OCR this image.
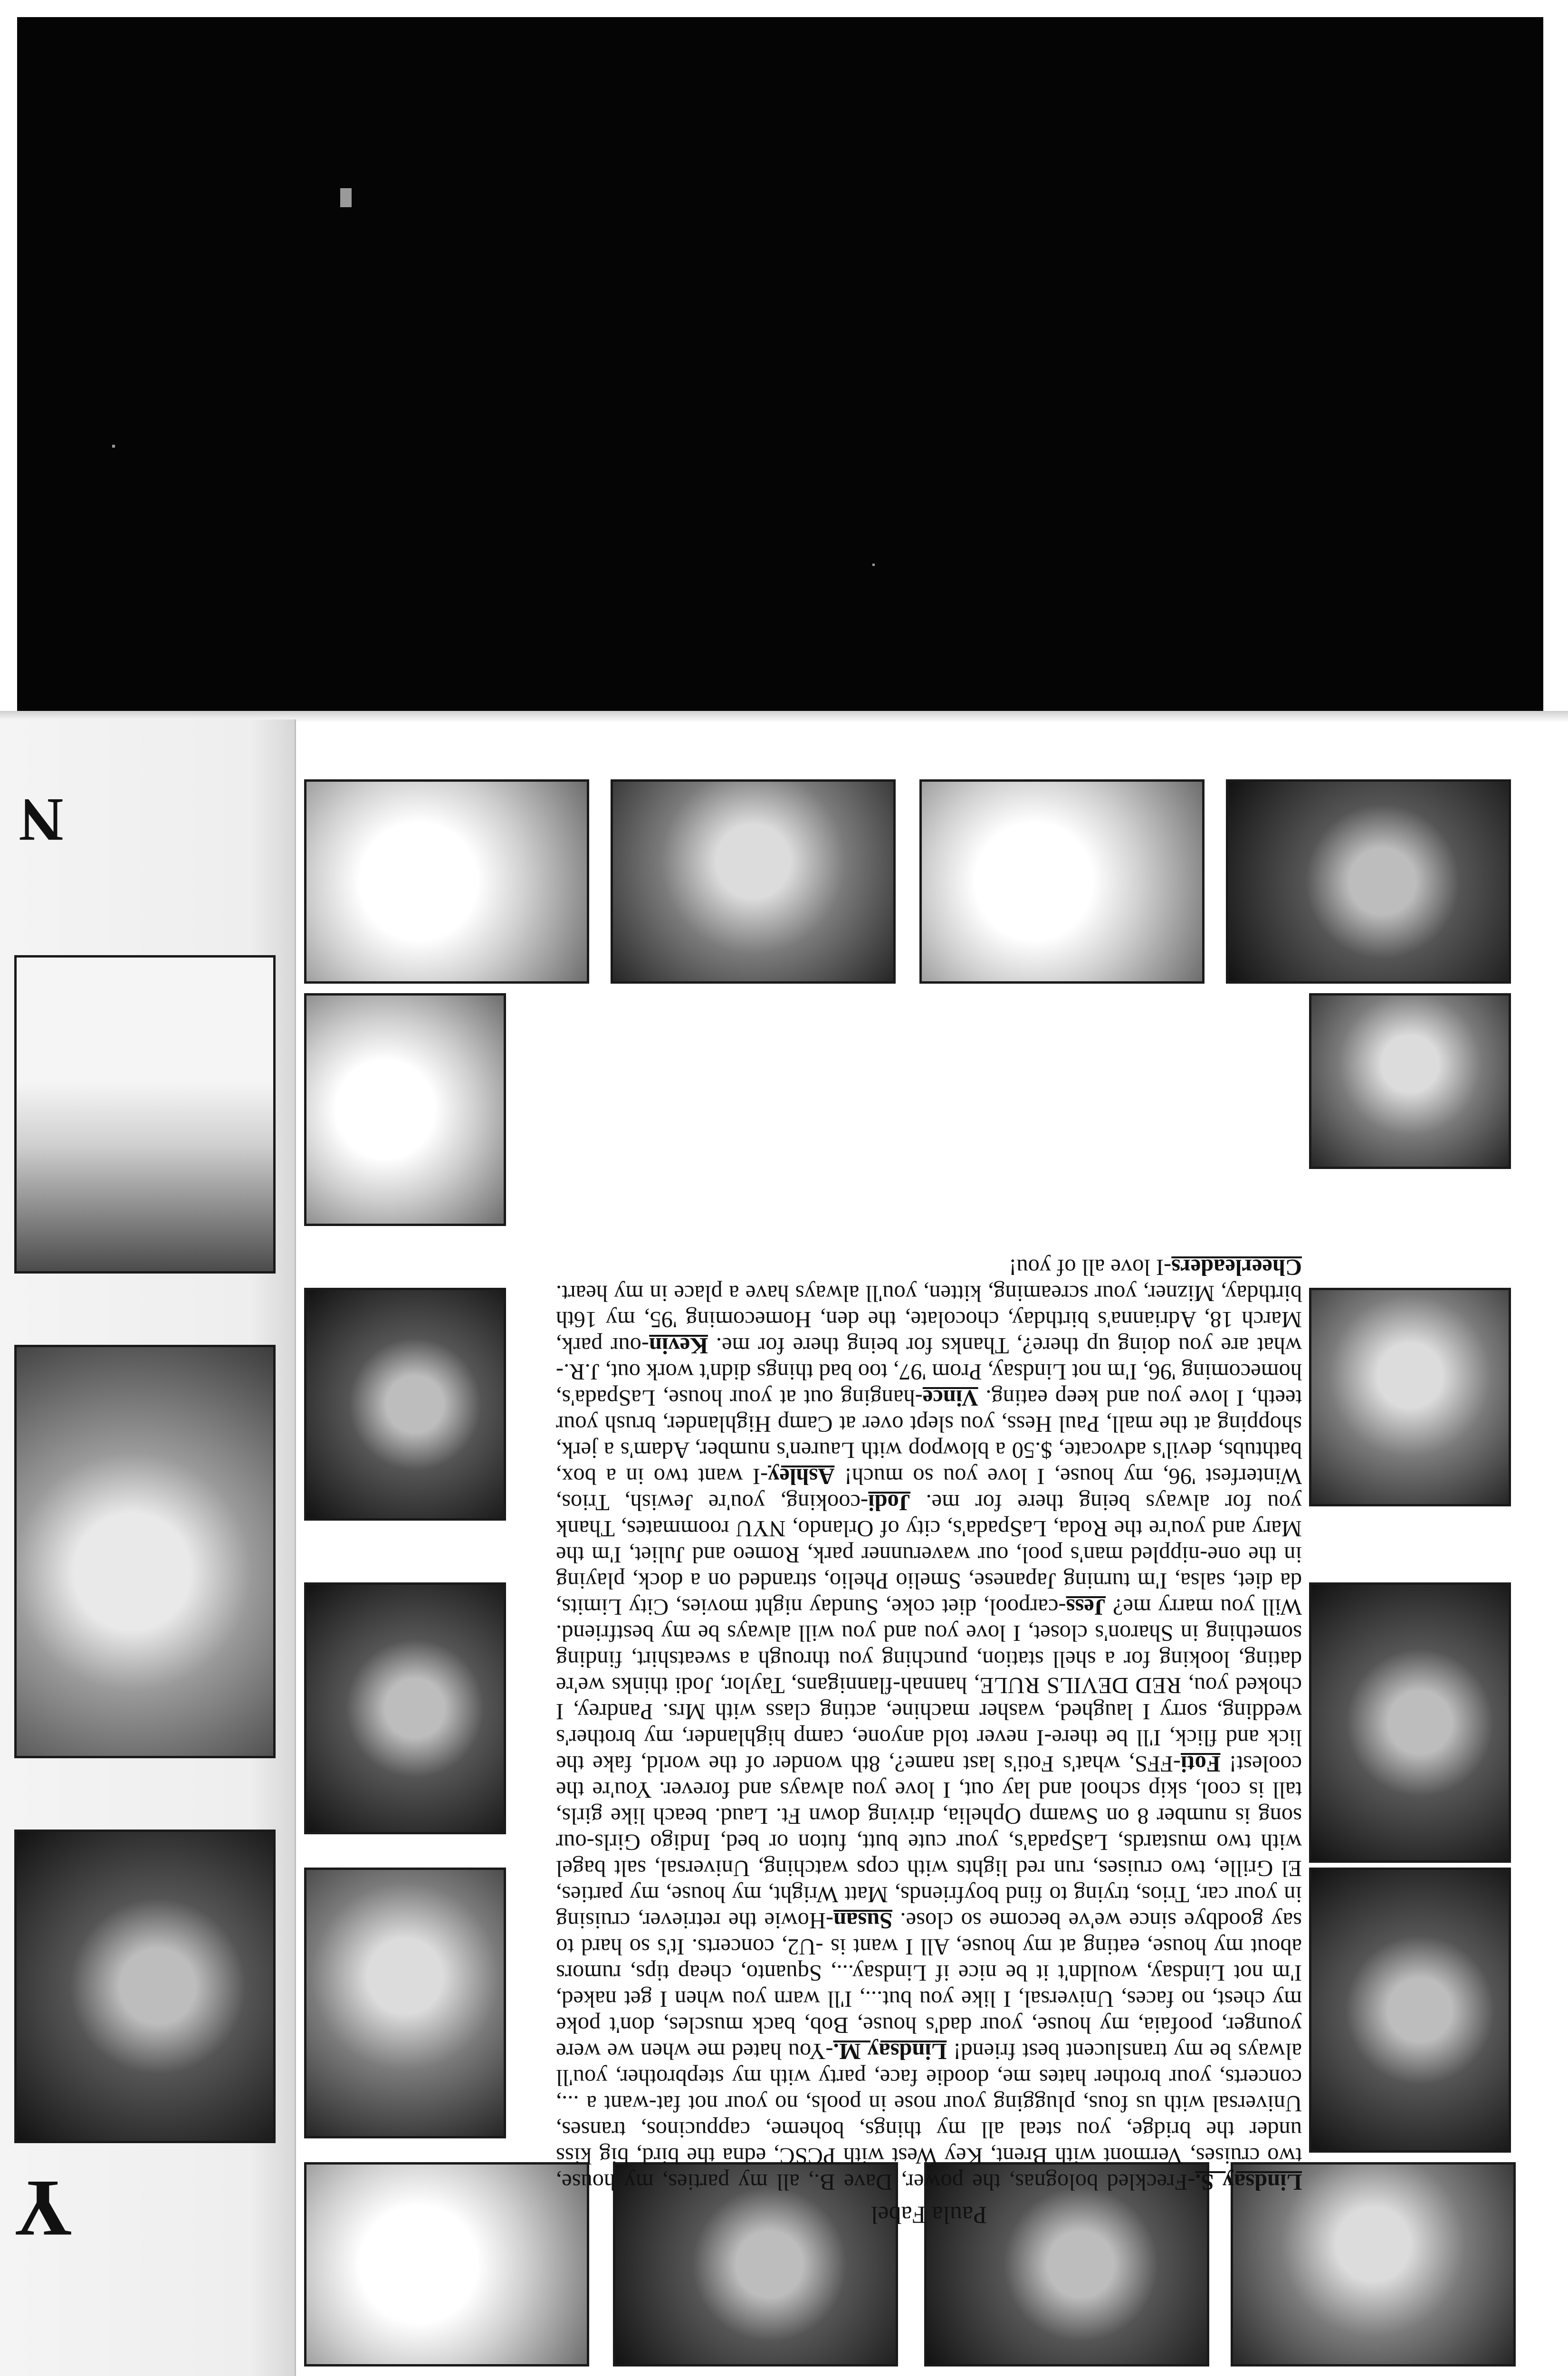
N
Y	Paula Fabel

Lindsay S.-Freckled bolognas, the power, Dave B., all my parties, my house, two cruises, Vermont with Brent, Key West with PCSC, edna the bird, big kiss under the bridge, you steal all my things, boheme, cappucinos, transes, Universal with us fous, plugging your nose in pools, no your not fat-want a ..., concerts, your brother hates me, doodie face, party with my stepbrother, you'll always be my translucent best friend! Lindsay M.-You hated me when we were younger, poofaia, my house, your dad's house, Bob, back muscles, don't poke my chest, no faces, Universal, I like you but..., I'll warn you when I get naked, I'm not Lindsay, wouldn't it be nice if Lindsay..., Squanto, cheap tips, rumors about my house, eating at my house, All I want is -U2, concerts. It's so hard to say goodbye since we've become so close. Susan-Howie the retriever, cruising in your car, Trios, trying to find boyfriends, Matt Wright, my house, my parties, El Grille, two cruises, run red lights with cops watching, Universal, salt bagel with two mustards, LaSpada's, your cute butt, futon or bed, Indigo Girls-our song is number 8 on Swamp Ophelia, driving down Ft. Laud. beach like girls, tall is cool, skip school and lay out, I love you always and forever. You're the coolest! Foti-FFS, what's Foti's last name?, 8th wonder of the world, fake the lick and flick, I'll be there-I never told anyone, camp highlander, my brother's wedding, sorry I laughed, washer machine, acting class with Mrs. Pandrey, I choked you, RED DEVILS RULE, hannah-flannigans, Taylor, Jodi thinks we're dating, looking for a shell station, punching you through a sweatshirt, finding something in Sharon's closet, I love you and you will always be my bestfriend. Will you marry me? Jess-carpool, diet coke, Sunday night movies, City Limits, da diet, salsa, I'm turning Japanese, Smelio Phelio, stranded on a dock, playing in the one-nippled man's pool, our waverunner park, Romeo and Juliet, I'm the Mary and you're the Roda, LaSpada's, city of Orlando, NYU roommates, Thank you for always being there for me. Jodi-cooking, you're Jewish, Trios, Winterfest '96, my house, I love you so much! Ashley-I want two in a box, bathtubs, devil's advocate, $.50 a blowpop with Lauren's number, Adam's a jerk, shopping at the mall, Paul Hess, you slept over at Camp Highlander, brush your teeth, I love you and keep eating. Vince-hanging out at your house, LaSpada's, homecoming '96, I'm not Lindsay, Prom '97, too bad things didn't work out, J.R.-what are you doing up there?, Thanks for being there for me. Kevin-our park, March 18, Adrianna's birthday, chocolate, the den, Homecoming '95, my 16th birthday, Mizner, your screaming, kitten, you'll always have a place in my heart. Cheerleaders-I love all of you!
